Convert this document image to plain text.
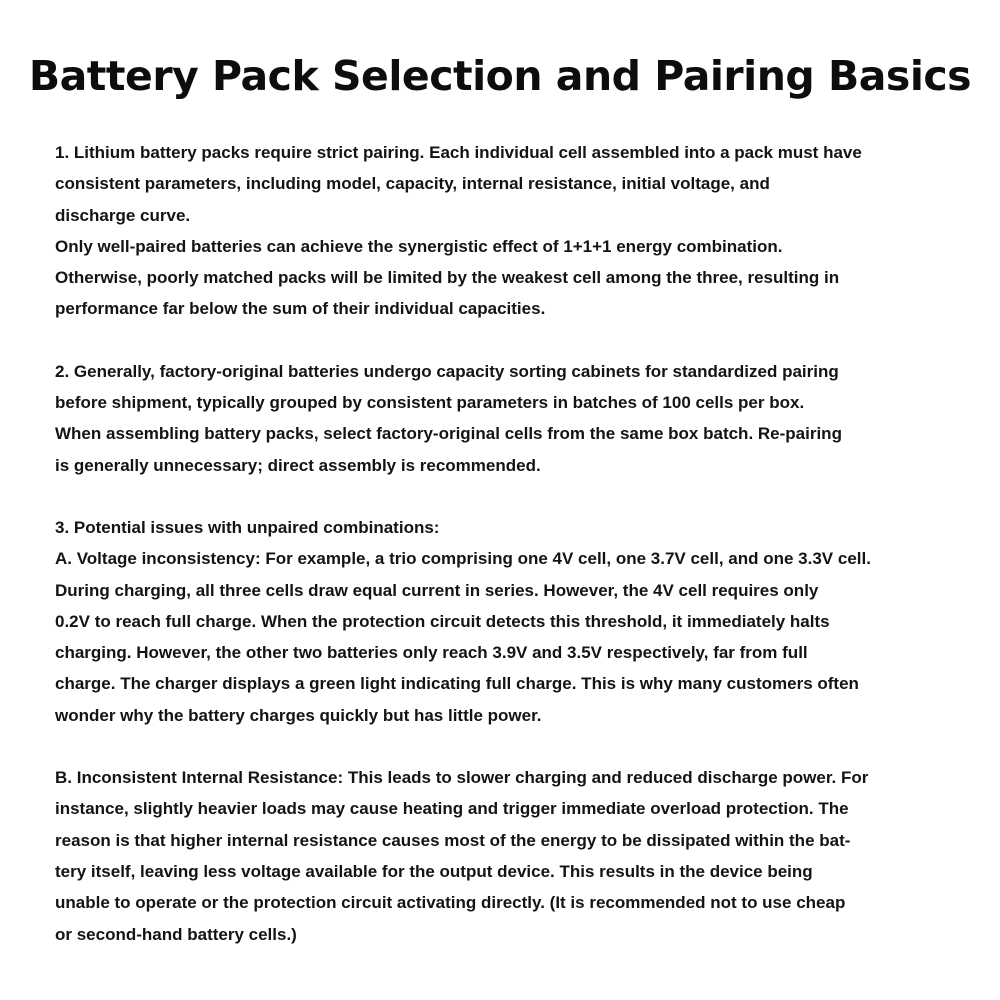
Battery Pack Selection and Pairing Basics
1. Lithium battery packs require strict pairing. Each individual cell assembled into a pack must have
consistent parameters, including model, capacity, internal resistance, initial voltage, and
discharge curve.
Only well-paired batteries can achieve the synergistic effect of 1+1+1 energy combination.
Otherwise, poorly matched packs will be limited by the weakest cell among the three, resulting in
performance far below the sum of their individual capacities.
2. Generally, factory-original batteries undergo capacity sorting cabinets for standardized pairing
before shipment, typically grouped by consistent parameters in batches of 100 cells per box.
When assembling battery packs, select factory-original cells from the same box batch. Re-pairing
is generally unnecessary; direct assembly is recommended.
3. Potential issues with unpaired combinations:
A. Voltage inconsistency: For example, a trio comprising one 4V cell, one 3.7V cell, and one 3.3V cell.
During charging, all three cells draw equal current in series. However, the 4V cell requires only
0.2V to reach full charge. When the protection circuit detects this threshold, it immediately halts
charging. However, the other two batteries only reach 3.9V and 3.5V respectively, far from full
charge. The charger displays a green light indicating full charge. This is why many customers often
wonder why the battery charges quickly but has little power.
B. Inconsistent Internal Resistance: This leads to slower charging and reduced discharge power. For
instance, slightly heavier loads may cause heating and trigger immediate overload protection. The
reason is that higher internal resistance causes most of the energy to be dissipated within the bat-
tery itself, leaving less voltage available for the output device. This results in the device being
unable to operate or the protection circuit activating directly. (It is recommended not to use cheap
or second-hand battery cells.)
